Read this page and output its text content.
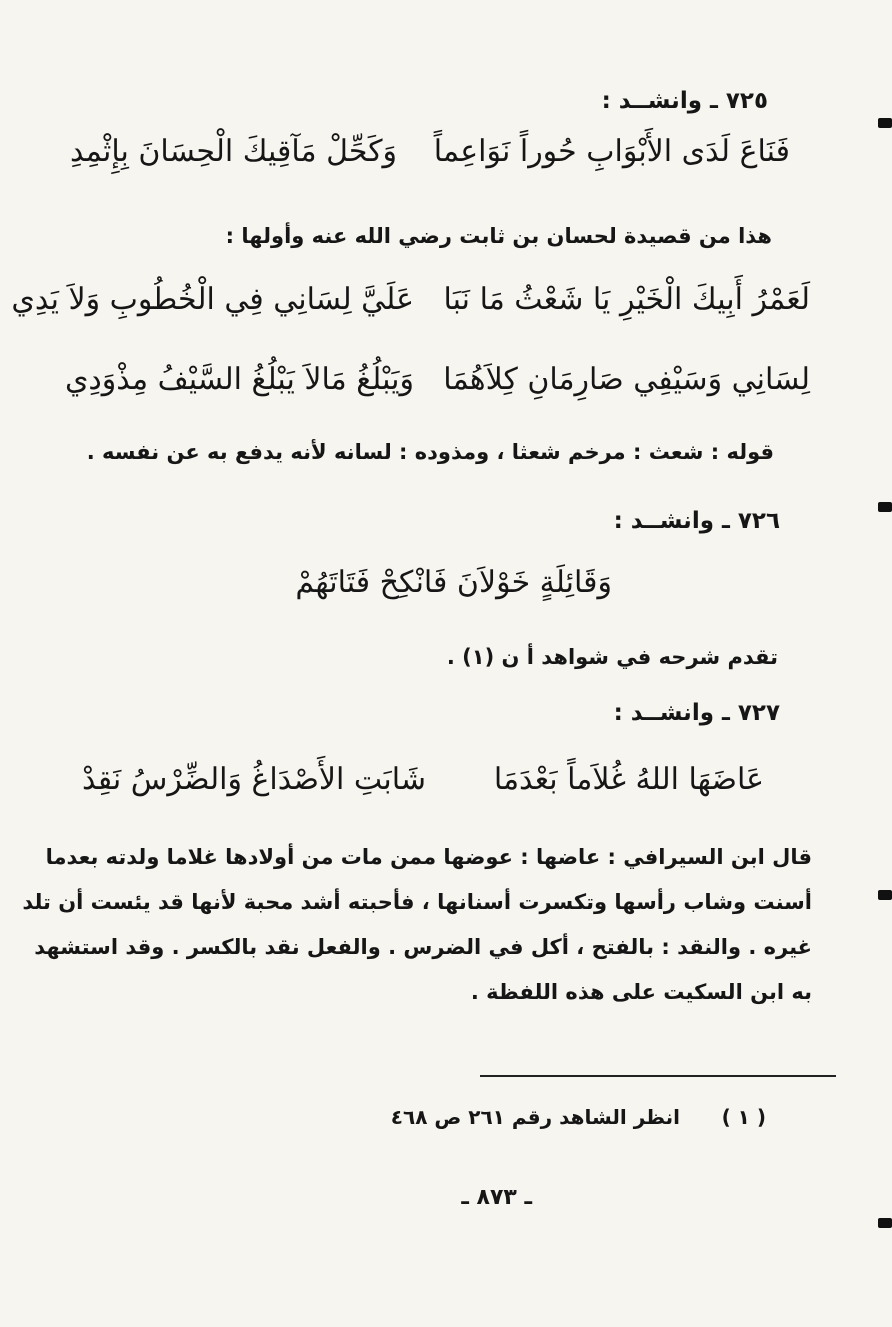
٧٢٥ ـ وانشــد :

فَنَاعَ لَدَى الأَبْوَابِ حُوراً نَوَاعِماً

وَكَحِّلْ مَآقِيكَ الْحِسَانَ بِإِثْمِدِ

هذا من قصيدة لحسان بن ثابت رضي الله عنه وأولها :

لَعَمْرُ أَبِيكَ الْخَيْرِ يَا شَعْثُ مَا نَبَا

عَلَيَّ لِسَانِي فِي الْخُطُوبِ وَلاَ يَدِي

لِسَانِي وَسَيْفِي صَارِمَانِ كِلاَهُمَا

وَيَبْلُغُ مَالاَ يَبْلُغُ السَّيْفُ مِذْوَدِي

قوله : شعث : مرخم شعثا ، ومذوده : لسانه لأنه يدفع به عن نفسه .

٧٢٦ ـ وانشــد :

وَقَائِلَةٍ خَوْلاَنَ فَانْكِحْ فَتَاتَهُمْ

تقدم شرحه في شواهد أ ن (١) .

٧٢٧ ـ وانشــد :

عَاضَهَا اللهُ غُلاَماً بَعْدَمَا

شَابَتِ الأَصْدَاغُ وَالضِّرْسُ نَقِدْ

قال ابن السيرافي : عاضها : عوضها ممن مات من أولادها غلاما ولدته بعدما

أسنت وشاب رأسها وتكسرت أسنانها ، فأحبته أشد محبة لأنها قد يئست أن تلد

غيره . والنقد : بالفتح ، أكل في الضرس . والفعل نقد بالكسر . وقد استشهد

به ابن السكيت على هذه اللفظة .

( ١ )

انظر الشاهد رقم ٢٦١ ص ٤٦٨

ـ ٨٧٣ ـ
